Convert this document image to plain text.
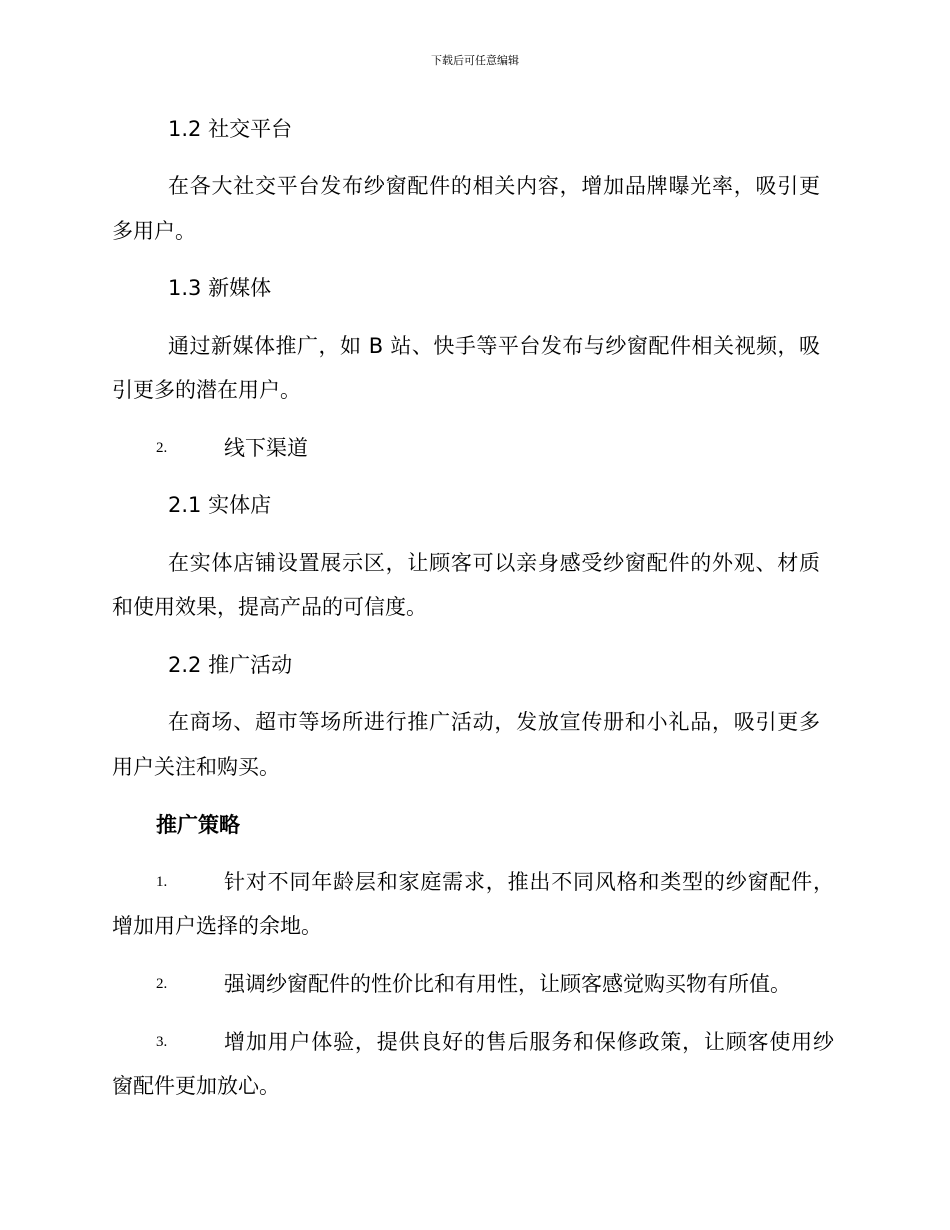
下载后可任意编辑
1.2 社交平台
在各大社交平台发布纱窗配件的相关内容，增加品牌曝光率，吸引更
多用户。
1.3 新媒体
通过新媒体推广，如 B 站、快手等平台发布与纱窗配件相关视频，吸
引更多的潜在用户。
2.	线下渠道
2.1 实体店
在实体店铺设置展示区，让顾客可以亲身感受纱窗配件的外观、材质
和使用效果，提高产品的可信度。
2.2 推广活动
在商场、超市等场所进行推广活动，发放宣传册和小礼品，吸引更多
用户关注和购买。
推广策略
1.	针对不同年龄层和家庭需求，推出不同风格和类型的纱窗配件，
增加用户选择的余地。
2.	强调纱窗配件的性价比和有用性，让顾客感觉购买物有所值。
3.	增加用户体验，提供良好的售后服务和保修政策，让顾客使用纱
窗配件更加放心。
